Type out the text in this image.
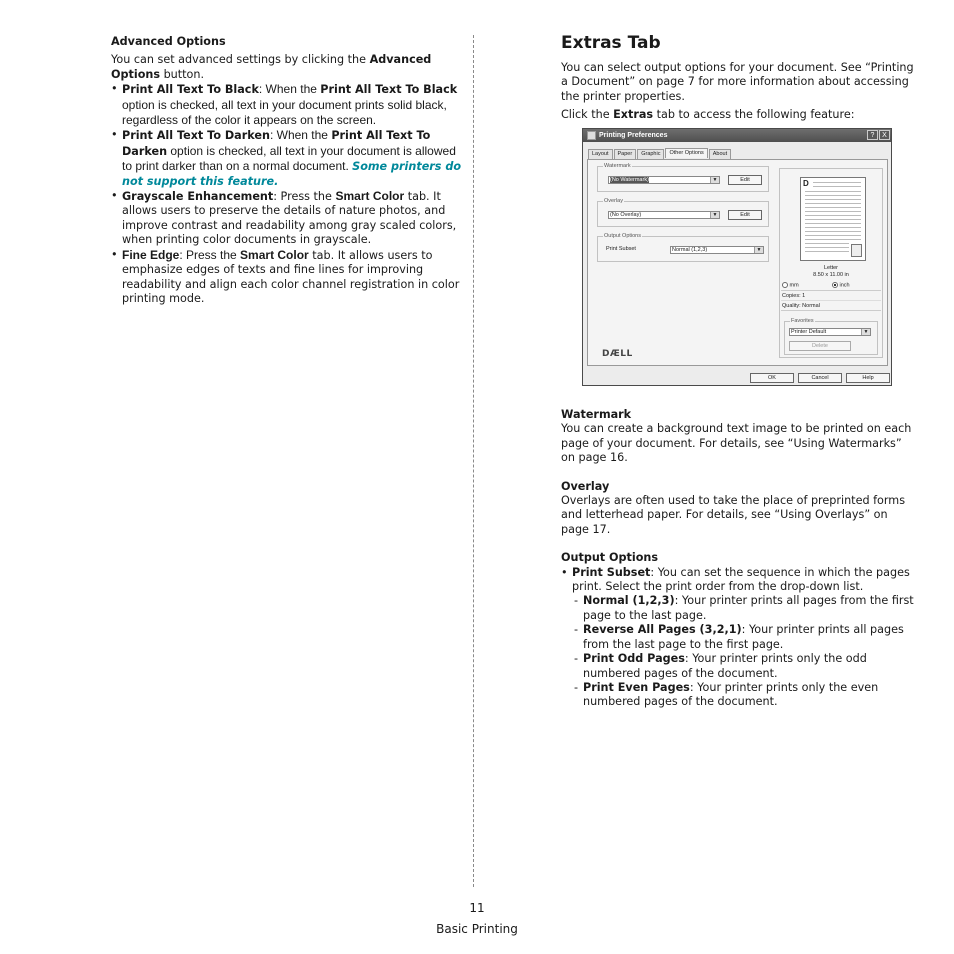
Advanced Options

You can set advanced settings by clicking the Advanced Options button.

• Print All Text To Black: When the Print All Text To Black option is checked, all text in your document prints solid black, regardless of the color it appears on the screen.
• Print All Text To Darken: When the Print All Text To Darken option is checked, all text in your document is allowed to print darker than on a normal document. Some printers do not support this feature.
• Grayscale Enhancement: Press the Smart Color tab. It allows users to preserve the details of nature photos, and improve contrast and readability among gray scaled colors, when printing color documents in grayscale.
• Fine Edge: Press the Smart Color tab. It allows users to emphasize edges of texts and fine lines for improving readability and align each color channel registration in color printing mode.
Extras Tab

You can select output options for your document. See “Printing a Document” on page 7 for more information about accessing the printer properties.

Click the Extras tab to access the following feature:

Printing Preferences	?	X
Layout	Paper	Graphic	Other Options	About
Watermark
(No Watermark)	▼	Edit
Overlay
(No Overlay)	▼	Edit
Output Options
Print Subset	Normal (1,2,3)	▼
DÆLL
D
Letter
8.50 x 11.00 in
mm	inch
Copies: 1
Quality: Normal
Favorites
Printer Default	▼
Delete
OK	Cancel	Help
Watermark

You can create a background text image to be printed on each page of your document. For details, see “Using Watermarks” on page 16.

Overlay

Overlays are often used to take the place of preprinted forms and letterhead paper. For details, see “Using Overlays” on page 17.

Output Options
• Print Subset: You can set the sequence in which the pages print. Select the print order from the drop-down list.
- Normal (1,2,3): Your printer prints all pages from the first page to the last page.
- Reverse All Pages (3,2,1): Your printer prints all pages from the last page to the first page.
- Print Odd Pages: Your printer prints only the odd numbered pages of the document.
- Print Even Pages: Your printer prints only the even numbered pages of the document.
11
Basic Printing
